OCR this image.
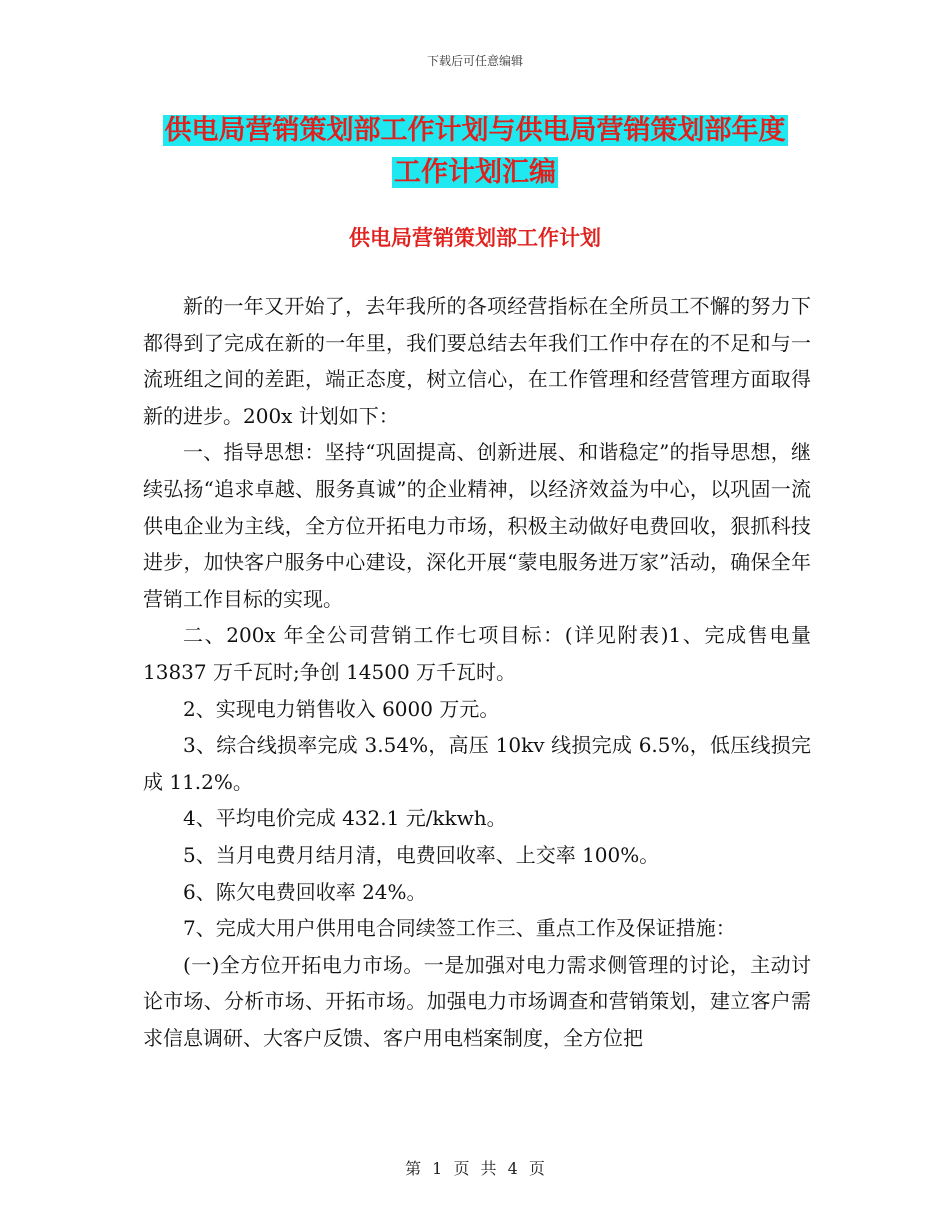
下载后可任意编辑
供电局营销策划部工作计划与供电局营销策划部年度
工作计划汇编
供电局营销策划部工作计划

新的一年又开始了，去年我所的各项经营指标在全所员工不懈的努力下都得到了完成在新的一年里，我们要总结去年我们工作中存在的不足和与一流班组之间的差距，端正态度，树立信心，在工作管理和经营管理方面取得新的进步。200x 计划如下：

一、指导思想：坚持“巩固提高、创新进展、和谐稳定”的指导思想，继续弘扬“追求卓越、服务真诚”的企业精神，以经济效益为中心，以巩固一流供电企业为主线，全方位开拓电力市场，积极主动做好电费回收，狠抓科技进步，加快客户服务中心建设，深化开展“蒙电服务进万家”活动，确保全年营销工作目标的实现。

二、200x 年全公司营销工作七项目标：(详见附表)1、完成售电量 13837 万千瓦时;争创 14500 万千瓦时。

2、实现电力销售收入 6000 万元。

3、综合线损率完成 3.54%，高压 10kv 线损完成 6.5%，低压线损完成 11.2%。

4、平均电价完成 432.1 元/kkwh。

5、当月电费月结月清，电费回收率、上交率 100%。

6、陈欠电费回收率 24%。

7、完成大用户供用电合同续签工作三、重点工作及保证措施：

(一)全方位开拓电力市场。一是加强对电力需求侧管理的讨论，主动讨论市场、分析市场、开拓市场。加强电力市场调查和营销策划，建立客户需求信息调研、大客户反馈、客户用电档案制度，全方位把

第 1 页 共 4 页
